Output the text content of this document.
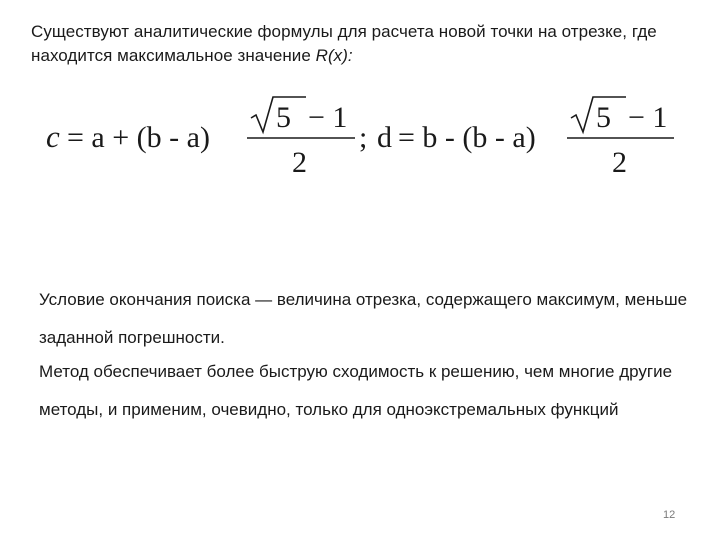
Существуют аналитические формулы для расчета новой точки на отрезке, где находится максимальное значение R(x):
c = a + (b - a)
5 − 1
2
; d = b - (b - a)
5 − 1
2
Условие окончания поиска — величина отрезка, содержащего максимум, меньше заданной погрешности.
Метод обеспечивает более быструю сходимость к решению, чем многие другие методы, и применим, очевидно, только для одноэкстремальных функций
12
